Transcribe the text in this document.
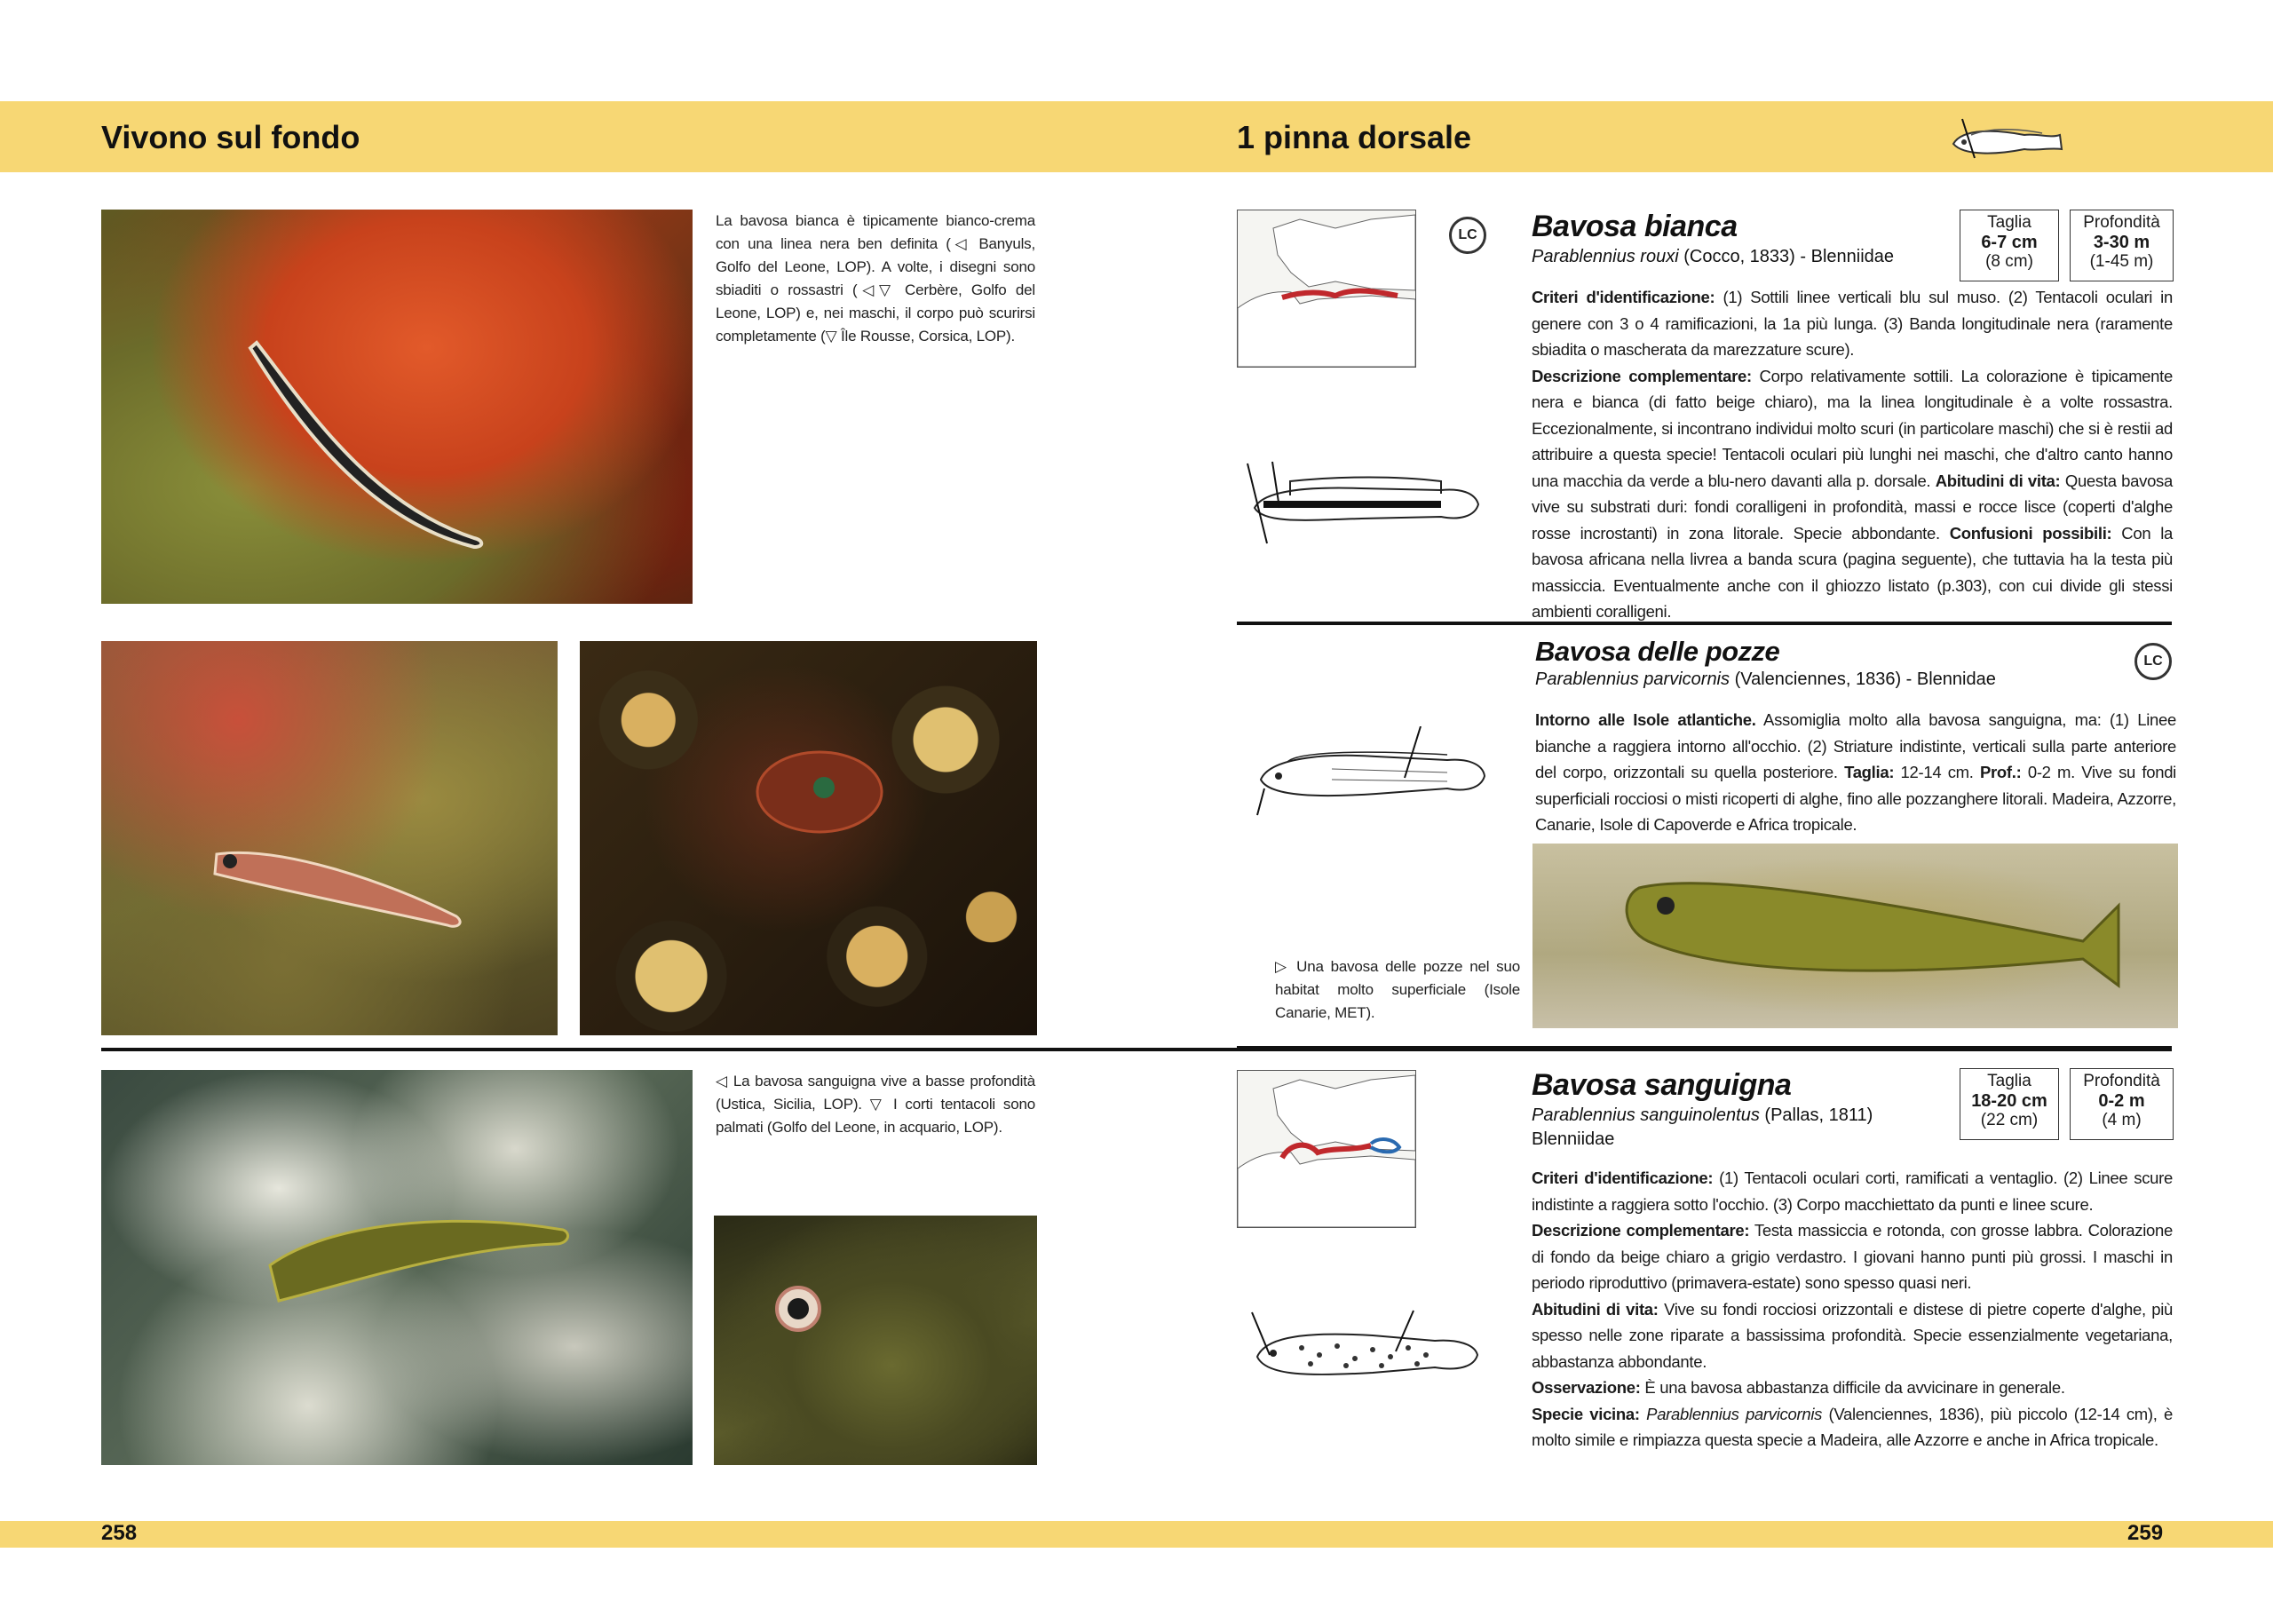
Vivono sul fondo	1 pinna dorsale
La bavosa bianca è tipicamente bianco-crema con una linea nera ben definita (◁ Banyuls, Golfo del Leone, LOP). A volte, i disegni sono sbiaditi o rossastri (◁▽ Cerbère, Golfo del Leone, LOP) e, nei maschi, il corpo può scurirsi completamente (▽ Île Rousse, Corsica, LOP).
◁ La bavosa sanguigna vive a basse profondità (Ustica, Sicilia, LOP). ▽ I corti tentacoli sono palmati (Golfo del Leone, in acquario, LOP).
LC	Bavosa bianca
Parablennius rouxi (Cocco, 1833) - Blenniidae
Taglia
6-7 cm
(8 cm)
Profondità
3-30 m
(1-45 m)
Criteri d'identificazione: (1) Sottili linee verticali blu sul muso. (2) Tentacoli oculari in genere con 3 o 4 ramificazioni, la 1a più lunga. (3) Banda longitudinale nera (raramente sbiadita o mascherata da marezzature scure).
Descrizione complementare: Corpo relativamente sottili. La colorazione è tipicamente nera e bianca (di fatto beige chiaro), ma la linea longitudinale è a volte rossastra. Eccezionalmente, si incontrano individui molto scuri (in particolare maschi) che si è restii ad attribuire a questa specie! Tentacoli oculari più lunghi nei maschi, che d'altro canto hanno una macchia da verde a blu-nero davanti alla p. dorsale. Abitudini di vita: Questa bavosa vive su substrati duri: fondi coralligeni in profondità, massi e rocce lisce (coperti d'alghe rosse incrostanti) in zona litorale. Specie abbondante. Confusioni possibili: Con la bavosa africana nella livrea a banda scura (pagina seguente), che tuttavia ha la testa più massiccia. Eventualmente anche con il ghiozzo listato (p.303), con cui divide gli stessi ambienti coralligeni.
Bavosa delle pozze
Parablennius parvicornis (Valenciennes, 1836) - Blennidae
LC
Intorno alle Isole atlantiche. Assomiglia molto alla bavosa sanguigna, ma: (1) Linee bianche a raggiera intorno all'occhio. (2) Striature indistinte, verticali sulla parte anteriore del corpo, orizzontali su quella posteriore. Taglia: 12-14 cm. Prof.: 0-2 m. Vive su fondi superficiali rocciosi o misti ricoperti di alghe, fino alle pozzanghere litorali. Madeira, Azzorre, Canarie, Isole di Capoverde e Africa tropicale.
▷ Una bavosa delle pozze nel suo habitat molto superficiale (Isole Canarie, MET).
Bavosa sanguigna
Parablennius sanguinolentus (Pallas, 1811)
Blenniidae
Taglia
18-20 cm
(22 cm)
Profondità
0-2 m
(4 m)
Criteri d'identificazione: (1) Tentacoli oculari corti, ramificati a ventaglio. (2) Linee scure indistinte a raggiera sotto l'occhio. (3) Corpo macchiettato da punti e linee scure.
Descrizione complementare: Testa massiccia e rotonda, con grosse labbra. Colorazione di fondo da beige chiaro a grigio verdastro. I giovani hanno punti più grossi. I maschi in periodo riproduttivo (primavera-estate) sono spesso quasi neri.
Abitudini di vita: Vive su fondi rocciosi orizzontali e distese di pietre coperte d'alghe, più spesso nelle zone riparate a bassissima profondità. Specie essenzialmente vegetariana, abbastanza abbondante.
Osservazione: È una bavosa abbastanza difficile da avvicinare in generale.
Specie vicina: Parablennius parvicornis (Valenciennes, 1836), più piccolo (12-14 cm), è molto simile e rimpiazza questa specie a Madeira, alle Azzorre e anche in Africa tropicale.
258	259
